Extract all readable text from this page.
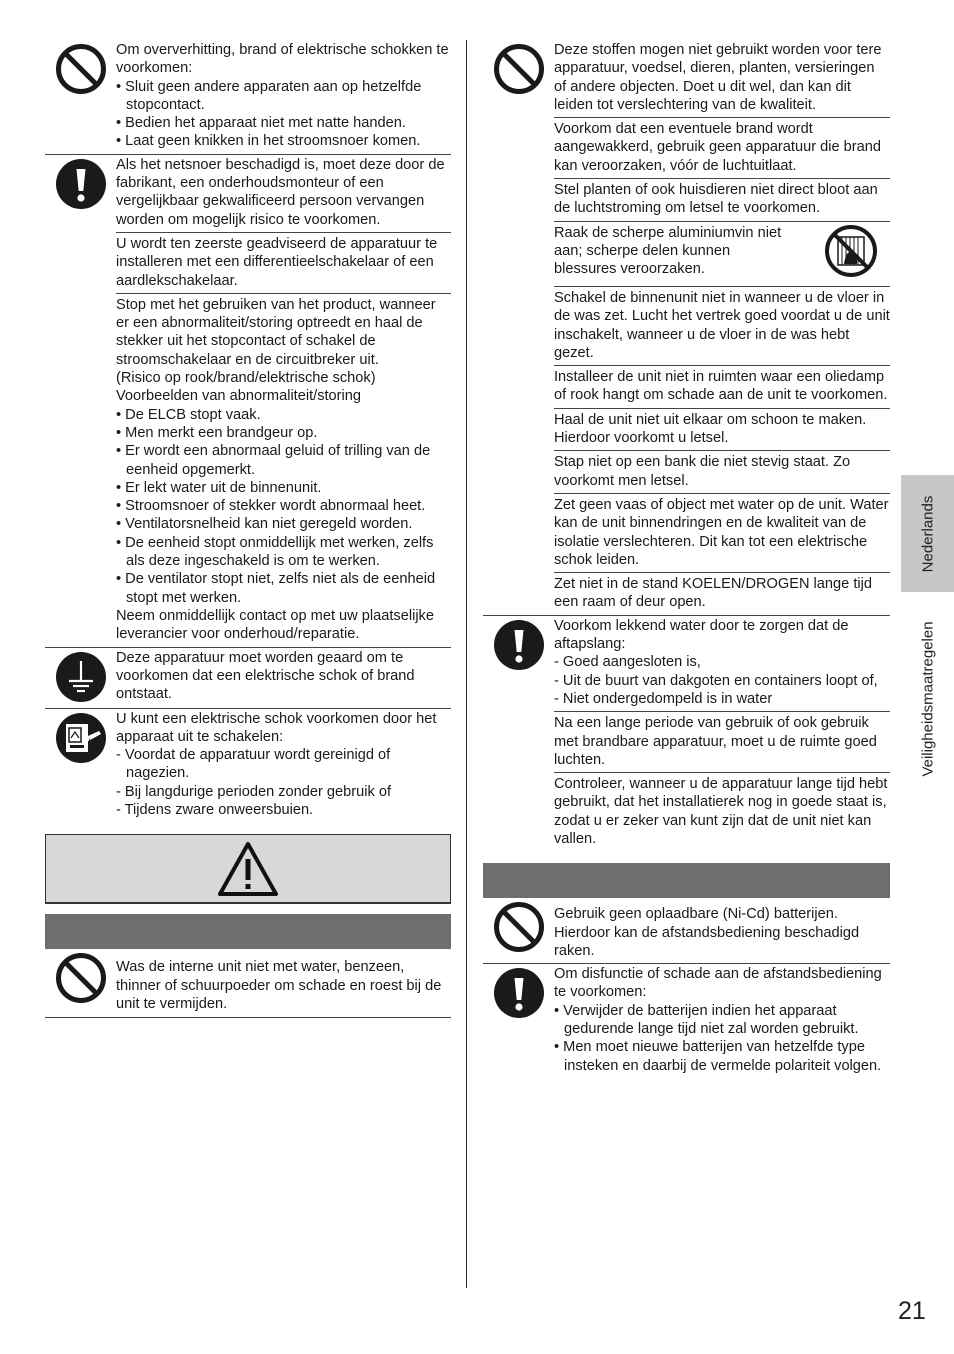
Om oververhitting, brand of elektrische schokken te voorkomen:
• Sluit geen andere apparaten aan op hetzelfde stopcontact.
• Bedien het apparaat niet met natte handen.
• Laat geen knikken in het stroomsnoer komen.
Als het netsnoer beschadigd is, moet deze door de fabrikant, een onderhoudsmonteur of een vergelijkbaar gekwalificeerd persoon vervangen worden om mogelijk risico te voorkomen.
U wordt ten zeerste geadviseerd de apparatuur te installeren met een differentieelschakelaar of een aardlekschakelaar.
Stop met het gebruiken van het product, wanneer er een abnormaliteit/storing optreedt en haal de stekker uit het stopcontact of schakel de stroomschakelaar en de circuitbreker uit.
(Risico op rook/brand/elektrische schok)
Voorbeelden van abnormaliteit/storing
• De ELCB stopt vaak.
• Men merkt een brandgeur op.
• Er wordt een abnormaal geluid of trilling van de eenheid opgemerkt.
• Er lekt water uit de binnenunit.
• Stroomsnoer of stekker wordt abnormaal heet.
• Ventilatorsnelheid kan niet geregeld worden.
• De eenheid stopt onmiddellijk met werken, zelfs als deze ingeschakeld is om te werken.
• De ventilator stopt niet, zelfs niet als de eenheid stopt met werken.
Neem onmiddellijk contact op met uw plaatselijke leverancier voor onderhoud/reparatie.
Deze apparatuur moet worden geaard om te voorkomen dat een elektrische schok of brand ontstaat.
U kunt een elektrische schok voorkomen door het apparaat uit te schakelen:
- Voordat de apparatuur wordt gereinigd of nagezien.
- Bij langdurige perioden zonder gebruik of
- Tijdens zware onweersbuien.
Was de interne unit niet met water, benzeen, thinner of schuurpoeder om schade en roest bij de unit te vermijden.
Deze stoffen mogen niet gebruikt worden voor tere apparatuur, voedsel, dieren, planten, versieringen of andere objecten. Doet u dit wel, dan kan dit leiden tot verslechtering van de kwaliteit.
Voorkom dat een eventuele brand wordt aangewakkerd, gebruik geen apparatuur die brand kan veroorzaken, vóór de luchtuitlaat.
Stel planten of ook huisdieren niet direct bloot aan de luchtstroming om letsel te voorkomen.
Raak de scherpe aluminiumvin niet aan; scherpe delen kunnen blessures veroorzaken.
Schakel de binnenunit niet in wanneer u de vloer in de was zet. Lucht het vertrek goed voordat u de unit inschakelt, wanneer u de vloer in de was hebt gezet.
Installeer de unit niet in ruimten waar een oliedamp of rook hangt om schade aan de unit te voorkomen.
Haal de unit niet uit elkaar om schoon te maken. Hierdoor voorkomt u letsel.
Stap niet op een bank die niet stevig staat. Zo voorkomt men letsel.
Zet geen vaas of object met water op de unit. Water kan de unit binnendringen en de kwaliteit van de isolatie verslechteren. Dit kan tot een elektrische schok leiden.
Zet niet in de stand KOELEN/DROGEN lange tijd een raam of deur open.
Voorkom lekkend water door te zorgen dat de aftapslang:
- Goed aangesloten is,
- Uit de buurt van dakgoten en containers loopt of,
- Niet ondergedompeld is in water
Na een lange periode van gebruik of ook gebruik met brandbare apparatuur, moet u de ruimte goed luchten.
Controleer, wanneer u de apparatuur lange tijd hebt gebruikt, dat het installatierek nog in goede staat is, zodat u er zeker van kunt zijn dat de unit niet kan vallen.
Gebruik geen oplaadbare (Ni-Cd) batterijen. Hierdoor kan de afstandsbediening beschadigd raken.
Om disfunctie of schade aan de afstandsbediening te voorkomen:
• Verwijder de batterijen indien het apparaat gedurende lange tijd niet zal worden gebruikt.
• Men moet nieuwe batterijen van hetzelfde type insteken en daarbij de vermelde polariteit volgen.
Nederlands
Veiligheidsmaatregelen
21
